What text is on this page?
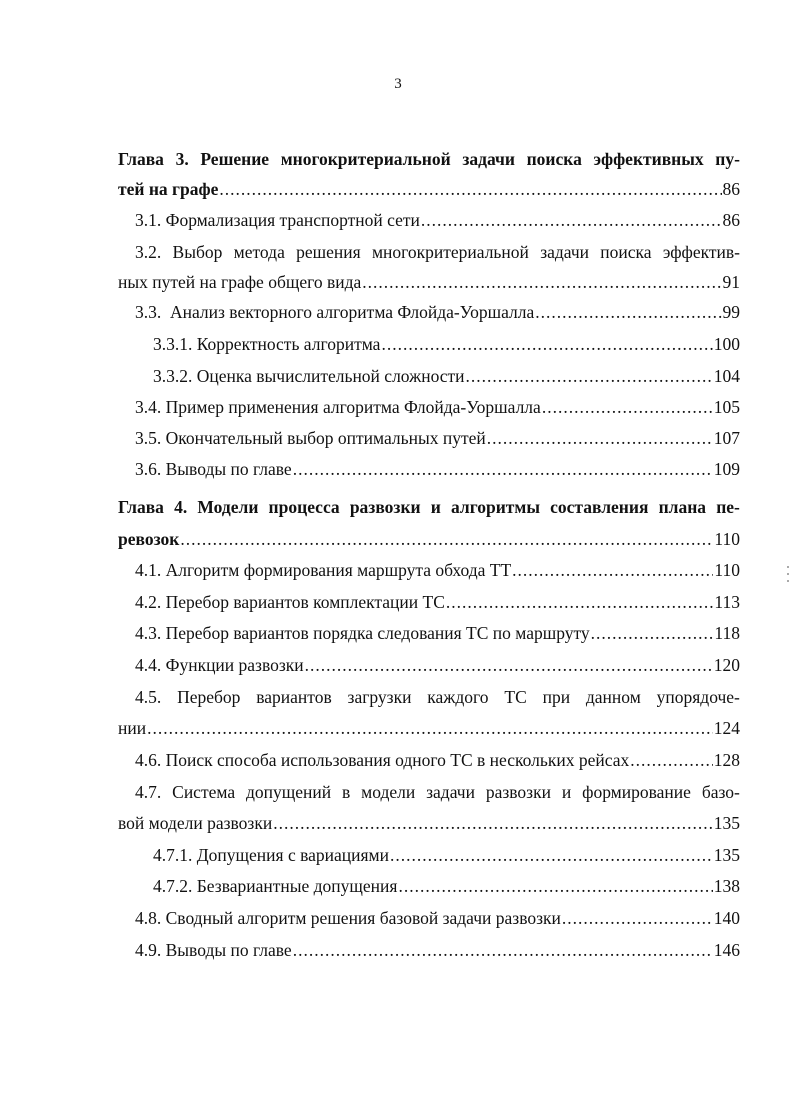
3
Глава 3. Решение многокритериальной задачи поиска эффективных пу-
тей на графе .....	86
3.1. Формализация транспортной сети .....	86
3.2. Выбор метода решения многокритериальной задачи поиска эффектив-
ных путей на графе общего вида .....	91
3.3.  Анализ векторного алгоритма Флойда-Уоршалла .....	99
3.3.1. Корректность алгоритма .....	100
3.3.2. Оценка вычислительной сложности .....	104
3.4. Пример применения алгоритма Флойда-Уоршалла .....	105
3.5. Окончательный выбор оптимальных путей .....	107
3.6. Выводы по главе .....	109
Глава 4. Модели процесса развозки и алгоритмы составления плана пе-
ревозок .....	110
4.1. Алгоритм формирования маршрута обхода ТТ .....	110
4.2. Перебор вариантов комплектации ТС .....	113
4.3. Перебор вариантов порядка следования ТС по маршруту .....	118
4.4. Функции развозки .....	120
4.5. Перебор вариантов загрузки каждого ТС при данном упорядоче-
нии .....	124
4.6. Поиск способа использования одного ТС в нескольких рейсах .....	128
4.7. Система допущений в модели задачи развозки и формирование базо-
вой модели развозки .....	135
4.7.1. Допущения с вариациями .....	135
4.7.2. Безвариантные допущения .....	138
4.8. Сводный алгоритм решения базовой задачи развозки .....	140
4.9. Выводы по главе .....	146
